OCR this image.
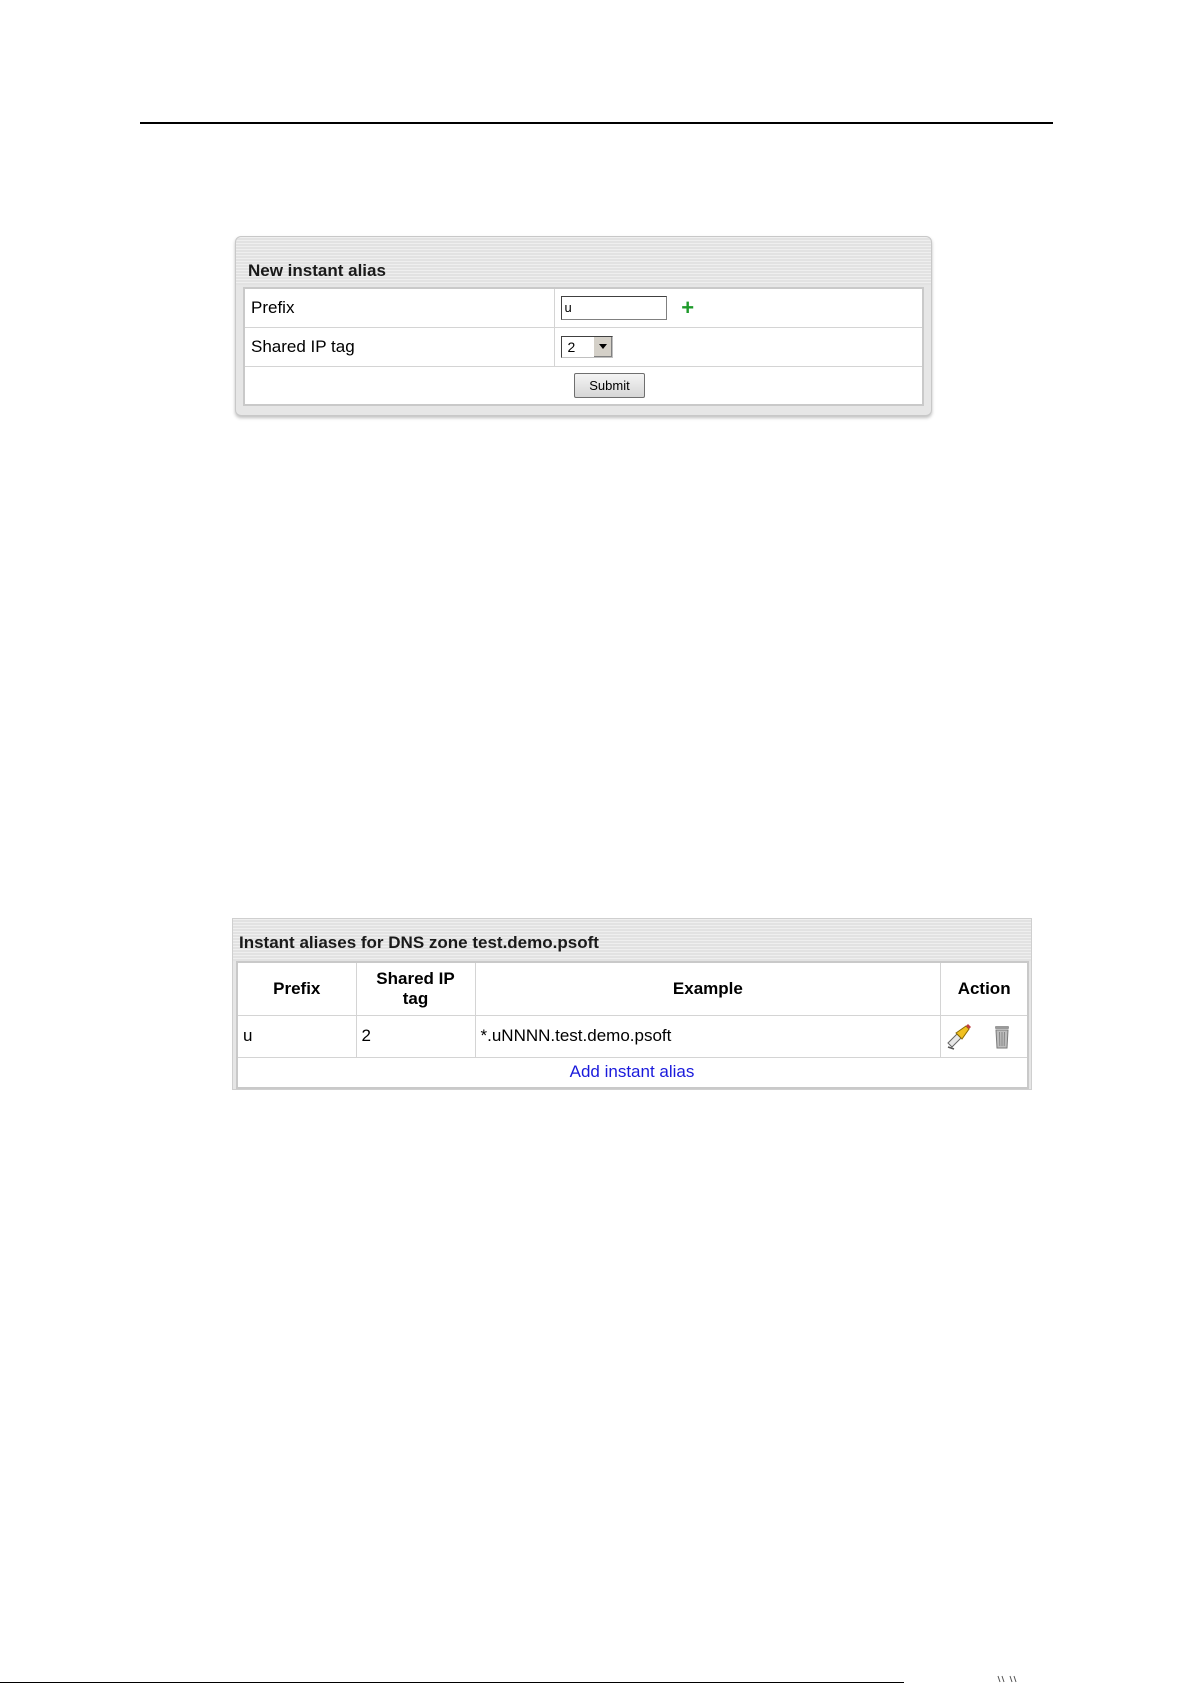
New instant alias
Prefix	u+
Shared IP tag	2

Submit	
Instant aliases for DNS zone test.demo.psoft
Prefix	Shared IP tag	Example	Action
u	2	*.uNNNN.test.demo.psoft	
Add instant alias			
